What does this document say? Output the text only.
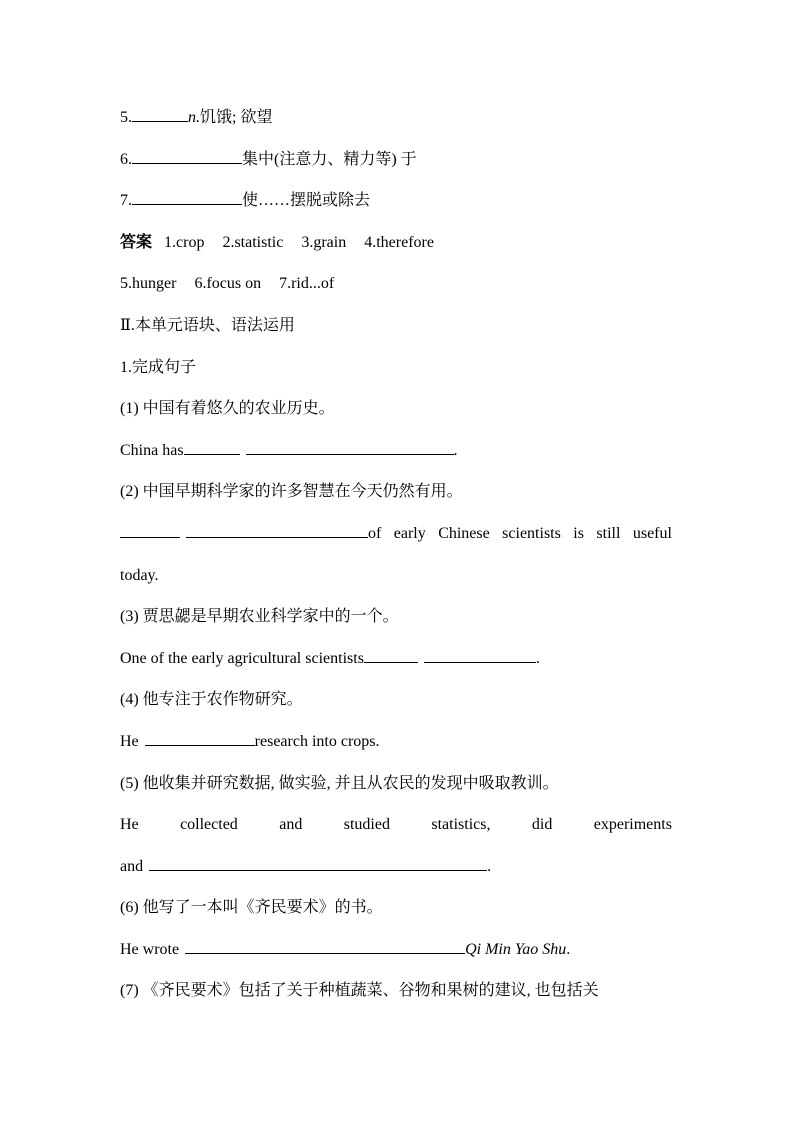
5.	n.饥饿; 欲望
6.	集中(注意力、精力等) 于
7.	使……摆脱或除去
答案 1.crop 2.statistic 3.grain 4.therefore
5.hunger 6.focus on 7.rid...of
Ⅱ.本单元语块、语法运用
1.完成句子
(1) 中国有着悠久的农业历史。
China has	.
(2) 中国早期科学家的许多智慧在今天仍然有用。
of early Chinese scientists is still useful
today.
(3) 贾思勰是早期农业科学家中的一个。
One of the early agricultural scientists	.
(4) 他专注于农作物研究。
He	research into crops.
(5) 他收集并研究数据, 做实验, 并且从农民的发现中吸取教训。
He	collected	and	studied	statistics,	did	experiments
and	.
(6) 他写了一本叫《齐民要术》的书。
He wrote	Qi Min Yao Shu.
(7) 《齐民要术》包括了关于种植蔬菜、谷物和果树的建议, 也包括关
